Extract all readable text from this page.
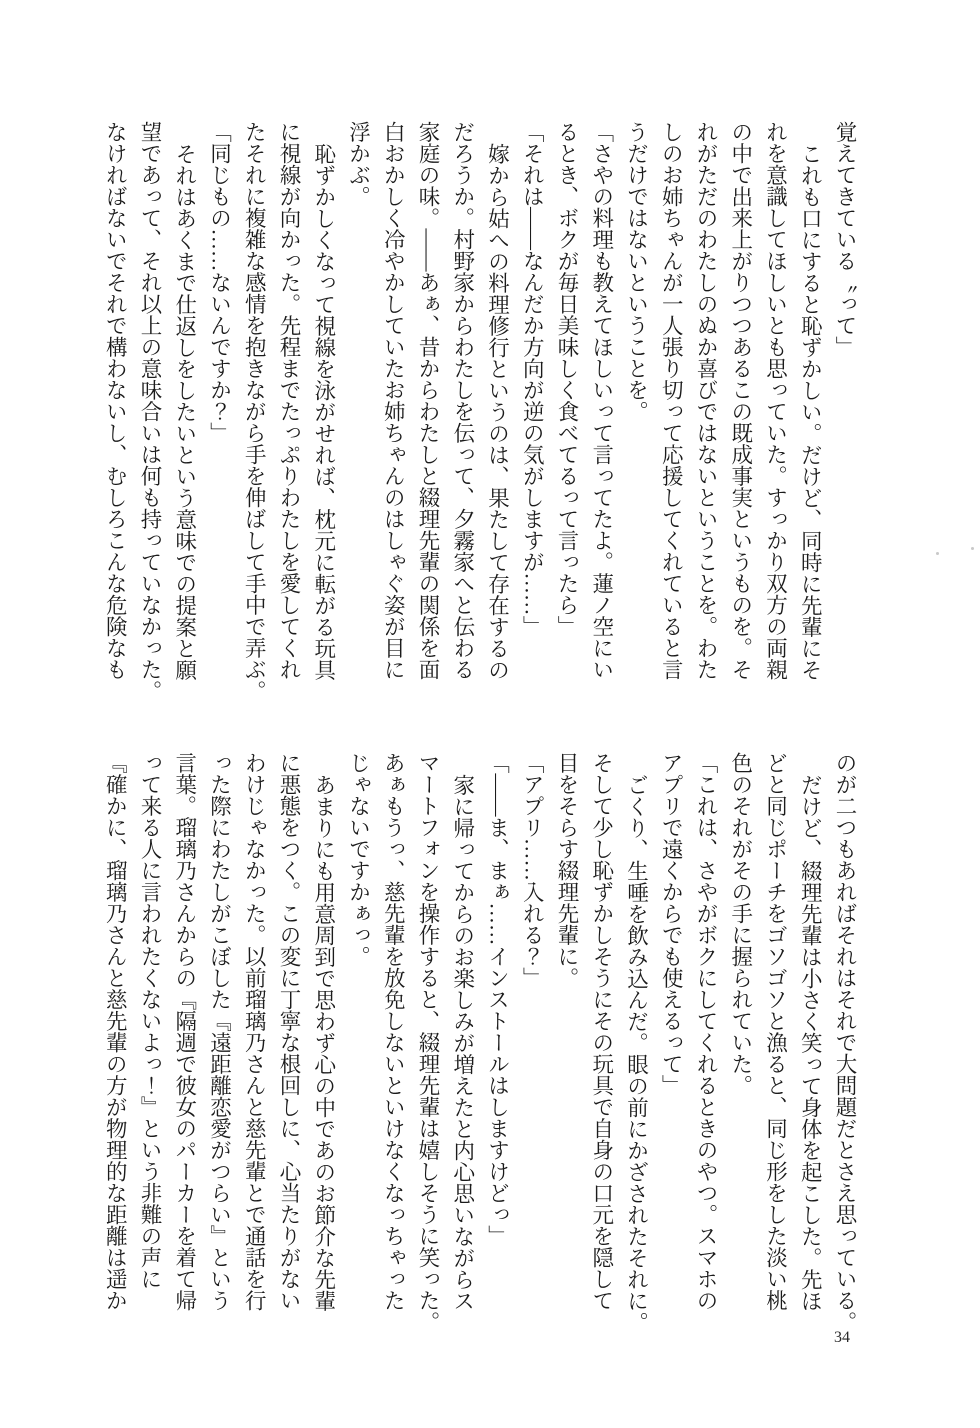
覚えてきている〝って」

これも口にすると恥ずかしい。だけど、同時に先輩にそ

れを意識してほしいとも思っていた。すっかり双方の両親

の中で出来上がりつつあるこの既成事実というものを。そ

れがただのわたしのぬか喜びではないということを。わた

しのお姉ちゃんが一人張り切って応援してくれていると言

うだけではないということを。

「さやの料理も教えてほしいって言ってたよ。蓮ノ空にい

るとき、ボクが毎日美味しく食べてるって言ったら」

「それは――なんだか方向が逆の気がしますが……」

嫁から姑への料理修行というのは、果たして存在するの

だろうか。村野家からわたしを伝って、夕霧家へと伝わる

家庭の味。――あぁ、昔からわたしと綴理先輩の関係を面

白おかしく冷やかしていたお姉ちゃんのはしゃぐ姿が目に

浮かぶ。

恥ずかしくなって視線を泳がせれば、枕元に転がる玩具

に視線が向かった。先程までたっぷりわたしを愛してくれ

たそれに複雑な感情を抱きながら手を伸ばして手中で弄ぶ。

「同じもの……ないんですか？」

それはあくまで仕返しをしたいという意味での提案と願

望であって、それ以上の意味合いは何も持っていなかった。

なければないでそれで構わないし、むしろこんな危険なも

のが二つもあればそれはそれで大問題だとさえ思っている。

だけど、綴理先輩は小さく笑って身体を起こした。先ほ

どと同じポーチをゴソゴソと漁ると、同じ形をした淡い桃

色のそれがその手に握られていた。

「これは、さやがボクにしてくれるときのやつ。スマホの

アプリで遠くからでも使えるって」

ごくり、生唾を飲み込んだ。眼の前にかざされたそれに。

そして少し恥ずかしそうにその玩具で自身の口元を隠して

目をそらす綴理先輩に。

「アプリ……入れる？」

「――ま、まぁ……インストールはしますけどっ」

家に帰ってからのお楽しみが増えたと内心思いながらス

マートフォンを操作すると、綴理先輩は嬉しそうに笑った。

あぁもうっ、慈先輩を放免しないといけなくなっちゃった

じゃないですかぁっ。

あまりにも用意周到で思わず心の中であのお節介な先輩

に悪態をつく。この変に丁寧な根回しに、心当たりがない

わけじゃなかった。以前瑠璃乃さんと慈先輩とで通話を行

った際にわたしがこぼした『遠距離恋愛がつらい』という

言葉。瑠璃乃さんからの『隔週で彼女のパーカーを着て帰

って来る人に言われたくないよっ！』という非難の声に

『確かに、瑠璃乃さんと慈先輩の方が物理的な距離は遥か

34
